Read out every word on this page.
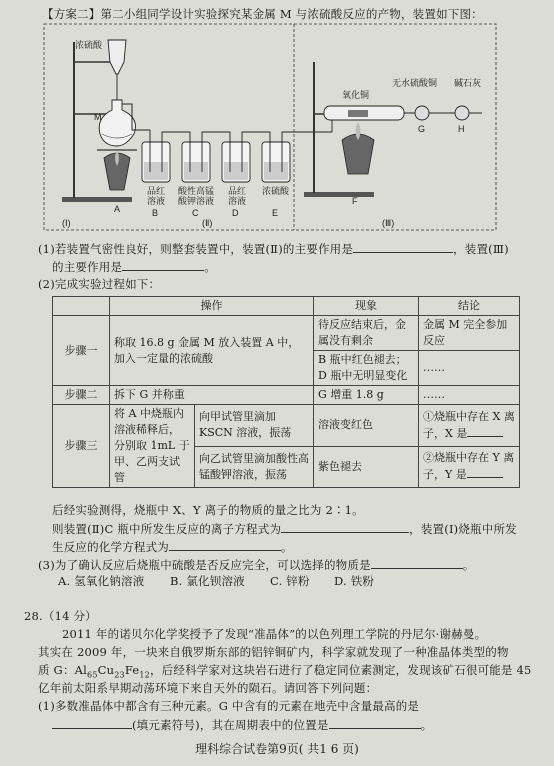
【方案二】第二小组同学设计实验探究某金属 M 与浓硫酸反应的产物，装置如下图：
浓硫酸
M
A
品红
溶液
酸性高锰
酸钾溶液
品红
溶液
浓硫酸
B	C	D	E
氧化铜
无水硫酸铜 碱石灰
G	H
F
(Ⅰ)	(Ⅱ)	(Ⅲ)
(1)若装置气密性良好，则整套装置中，装置(Ⅱ)的主要作用是	，装置(Ⅲ)
的主要作用是	。
(2)完成实验过程如下：
	操作		现象	结论
步骤一	称取 16.8 g 金属 M 放入装置 A 中，加入一定量的浓硫酸		待反应结束后，金属没有剩余	金属 M 完全参加反应
			B 瓶中红色褪去；D 瓶中无明显变化	……
步骤二	拆下 G 并称重		G 增重 1.8 g	……
步骤三	将 A 中烧瓶内溶液稀释后，分别取 1mL 于甲、乙两支试管	向甲试管里滴加 KSCN 溶液，振荡	溶液变红色	①烧瓶中存在 X 离子，X 是
		向乙试管里滴加酸性高锰酸钾溶液，振荡	紫色褪去	②烧瓶中存在 Y 离子，Y 是
后经实验测得，烧瓶中 X、Y 离子的物质的量之比为 2∶1。
则装置(Ⅱ)C 瓶中所发生反应的离子方程式为	，装置(Ⅰ)烧瓶中所发
生反应的化学方程式为	。
(3)为了确认反应后烧瓶中硫酸是否反应完全，可以选择的物质是	。
A. 氢氧化钠溶液 B. 氯化钡溶液 C. 锌粉 D. 铁粉
28.（14 分）
2011 年的诺贝尔化学奖授予了发现“准晶体”的以色列理工学院的丹尼尔·谢赫曼。
其实在 2009 年，一块来自俄罗斯东部的铝锌铜矿内，科学家就发现了一种准晶体类型的物
质 G：$Al_{65}Cu_{23}Fe_{12}$，后经科学家对这块岩石进行了稳定同位素测定，发现该矿石很可能是 45
亿年前太阳系早期动荡环境下来自天外的陨石。请回答下列问题：
(1)多数准晶体中都含有三种元素。G 中含有的元素在地壳中含量最高的是
(填元素符号)，其在周期表中的位置是	。
理科综合试卷第9页( 共1 6 页)
